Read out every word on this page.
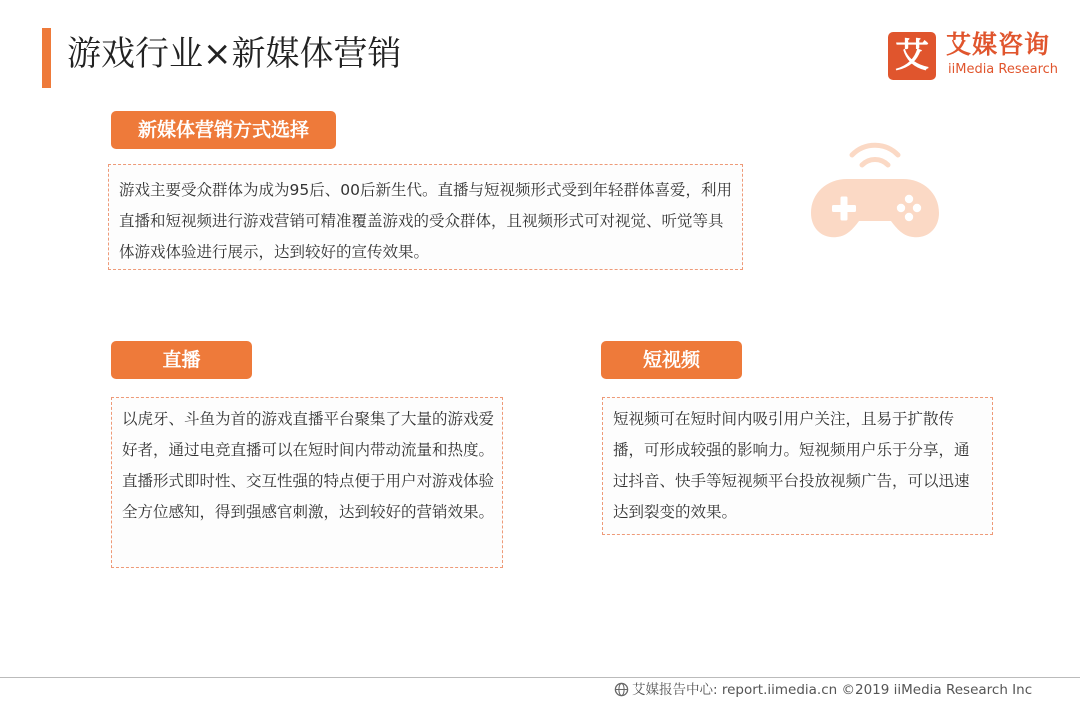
游戏行业×新媒体营销	艾 艾媒咨询
iiMedia Research
新媒体营销方式选择
游戏主要受众群体为成为95后、00后新生代。直播与短视频形式受到年轻群体喜爱，利用直播和短视频进行游戏营销可精准覆盖游戏的受众群体，且视频形式可对视觉、听觉等具体游戏体验进行展示，达到较好的宣传效果。
直播
以虎牙、斗鱼为首的游戏直播平台聚集了大量的游戏爱好者，通过电竞直播可以在短时间内带动流量和热度。直播形式即时性、交互性强的特点便于用户对游戏体验全方位感知，得到强感官刺激，达到较好的营销效果。
短视频
短视频可在短时间内吸引用户关注，且易于扩散传播，可形成较强的影响力。短视频用户乐于分享，通过抖音、快手等短视频平台投放视频广告，可以迅速达到裂变的效果。
艾媒报告中心: report.iimedia.cn ©2019 iiMedia Research Inc
